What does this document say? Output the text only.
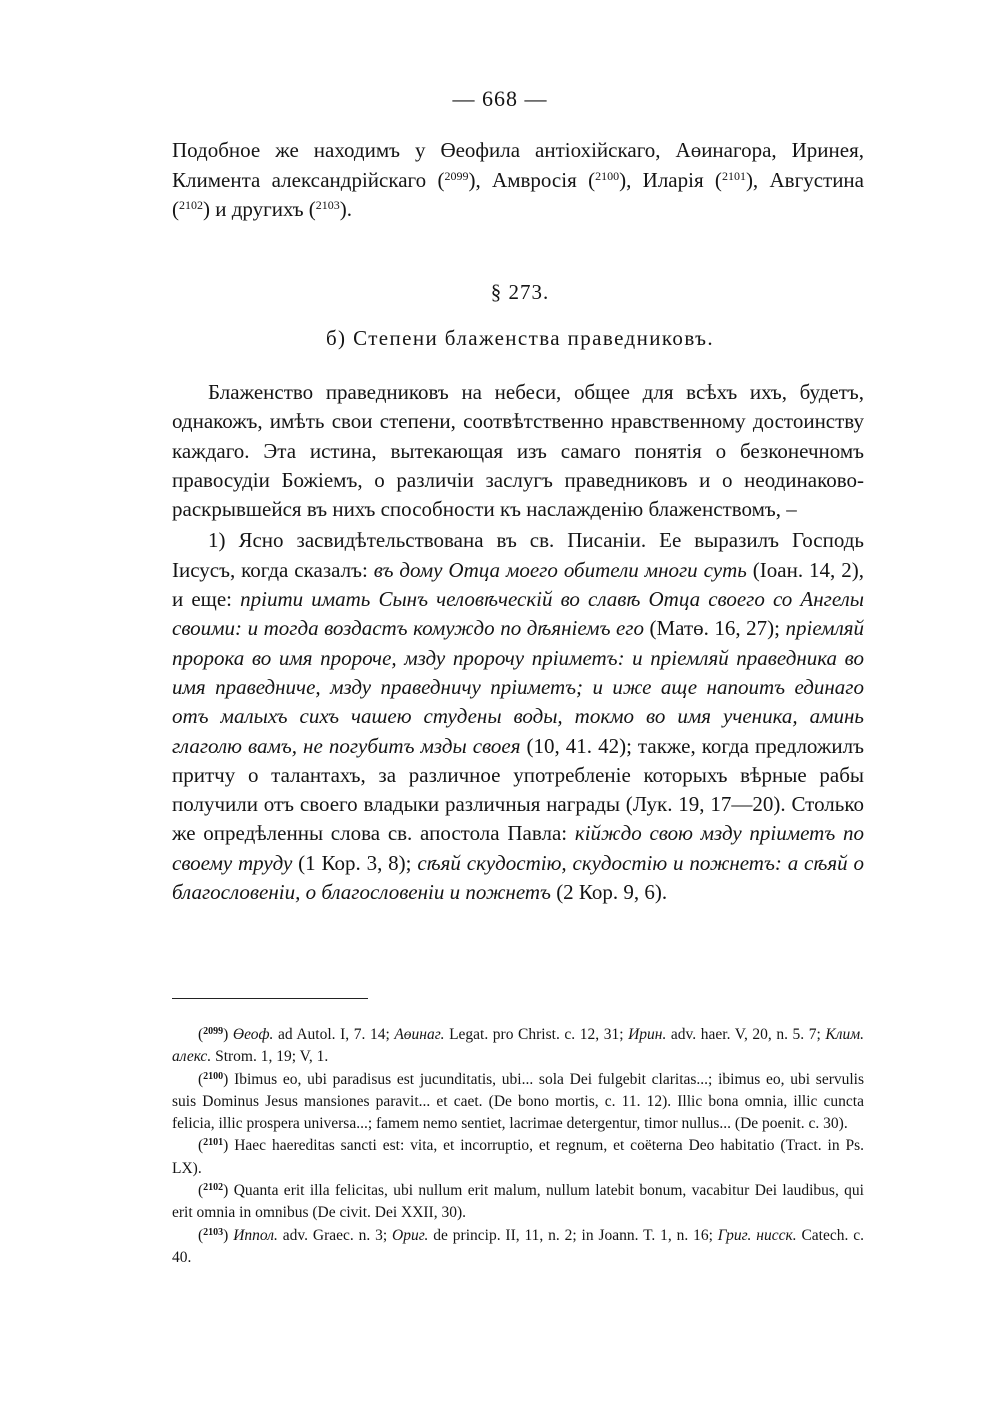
— 668 —
Подобное же находимъ у Өеофила антіохійскаго, Аөинагора, Иринея, Климента александрійскаго ($^{2099}$), Амвросія ($^{2100}$), Иларія ($^{2101}$), Августина ($^{2102}$) и другихъ ($^{2103}$).
§ 273.
б) Степени блаженства праведниковъ.

Блаженство праведниковъ на небеси, общее для всѣхъ ихъ, будетъ, однакожъ, имѣть свои степени, соотвѣтственно нравственному достоинству каждаго. Эта истина, вытекающая изъ самаго понятія о безконечномъ правосудіи Божіемъ, о различіи заслугъ праведниковъ и о неодинаково-раскрывшейся въ нихъ способности къ наслажденію блаженствомъ, –

1) Ясно засвидѣтельствована въ св. Писаніи. Ее выразилъ Господь Іисусъ, когда сказалъ: въ дому Отца моего обители многи суть (Іоан. 14, 2), и еще: пріити имать Сынъ человѣческій во славѣ Отца своего со Ангелы своими: и тогда воздастъ комуждо по дѣяніемъ его (Матө. 16, 27); пріемляй пророка во имя пророче, мзду пророчу пріиметъ: и пріемляй праведника во имя праведниче, мзду праведничу пріиметъ; и иже аще напоитъ единаго отъ малыхъ сихъ чашею студены воды, токмо во имя ученика, аминь глаголю вамъ, не погубитъ мзды своея (10, 41. 42); также, когда предложилъ притчу о талантахъ, за различное употребленіе которыхъ вѣрные рабы получили отъ своего владыки различныя награды (Лук. 19, 17—20). Столько же опредѣленны слова св. апостола Павла: кійждо свою мзду пріиметъ по своему труду (1 Кор. 3, 8); сѣяй скудостію, скудостію и пожнетъ: а сѣяй о благословеніи, о благословеніи и пожнетъ (2 Кор. 9, 6).

($^{2099}$) Өеоф. ad Autol. I, 7. 14; Аөинаг. Legat. pro Christ. c. 12, 31; Ирин. adv. haer. V, 20, n. 5. 7; Клим. алекс. Strom. 1, 19; V, 1.

($^{2100}$) Ibimus eo, ubi paradisus est jucunditatis, ubi... sola Dei fulgebit claritas...; ibimus eo, ubi servulis suis Dominus Jesus mansiones paravit... et caet. (De bono mortis, c. 11. 12). Illic bona omnia, illic cuncta felicia, illic prospera universa...; famem nemo sentiet, lacrimae detergentur, timor nullus... (De poenit. c. 30).

($^{2101}$) Haec haereditas sancti est: vita, et incorruptio, et regnum, et coëterna Deo habitatio (Tract. in Ps. LX).

($^{2102}$) Quanta erit illa felicitas, ubi nullum erit malum, nullum latebit bonum, vacabitur Dei laudibus, qui erit omnia in omnibus (De civit. Dei XXII, 30).

($^{2103}$) Иппол. adv. Graec. n. 3; Ориг. de princip. II, 11, n. 2; in Joann. T. 1, n. 16; Григ. нисск. Catech. c. 40.
